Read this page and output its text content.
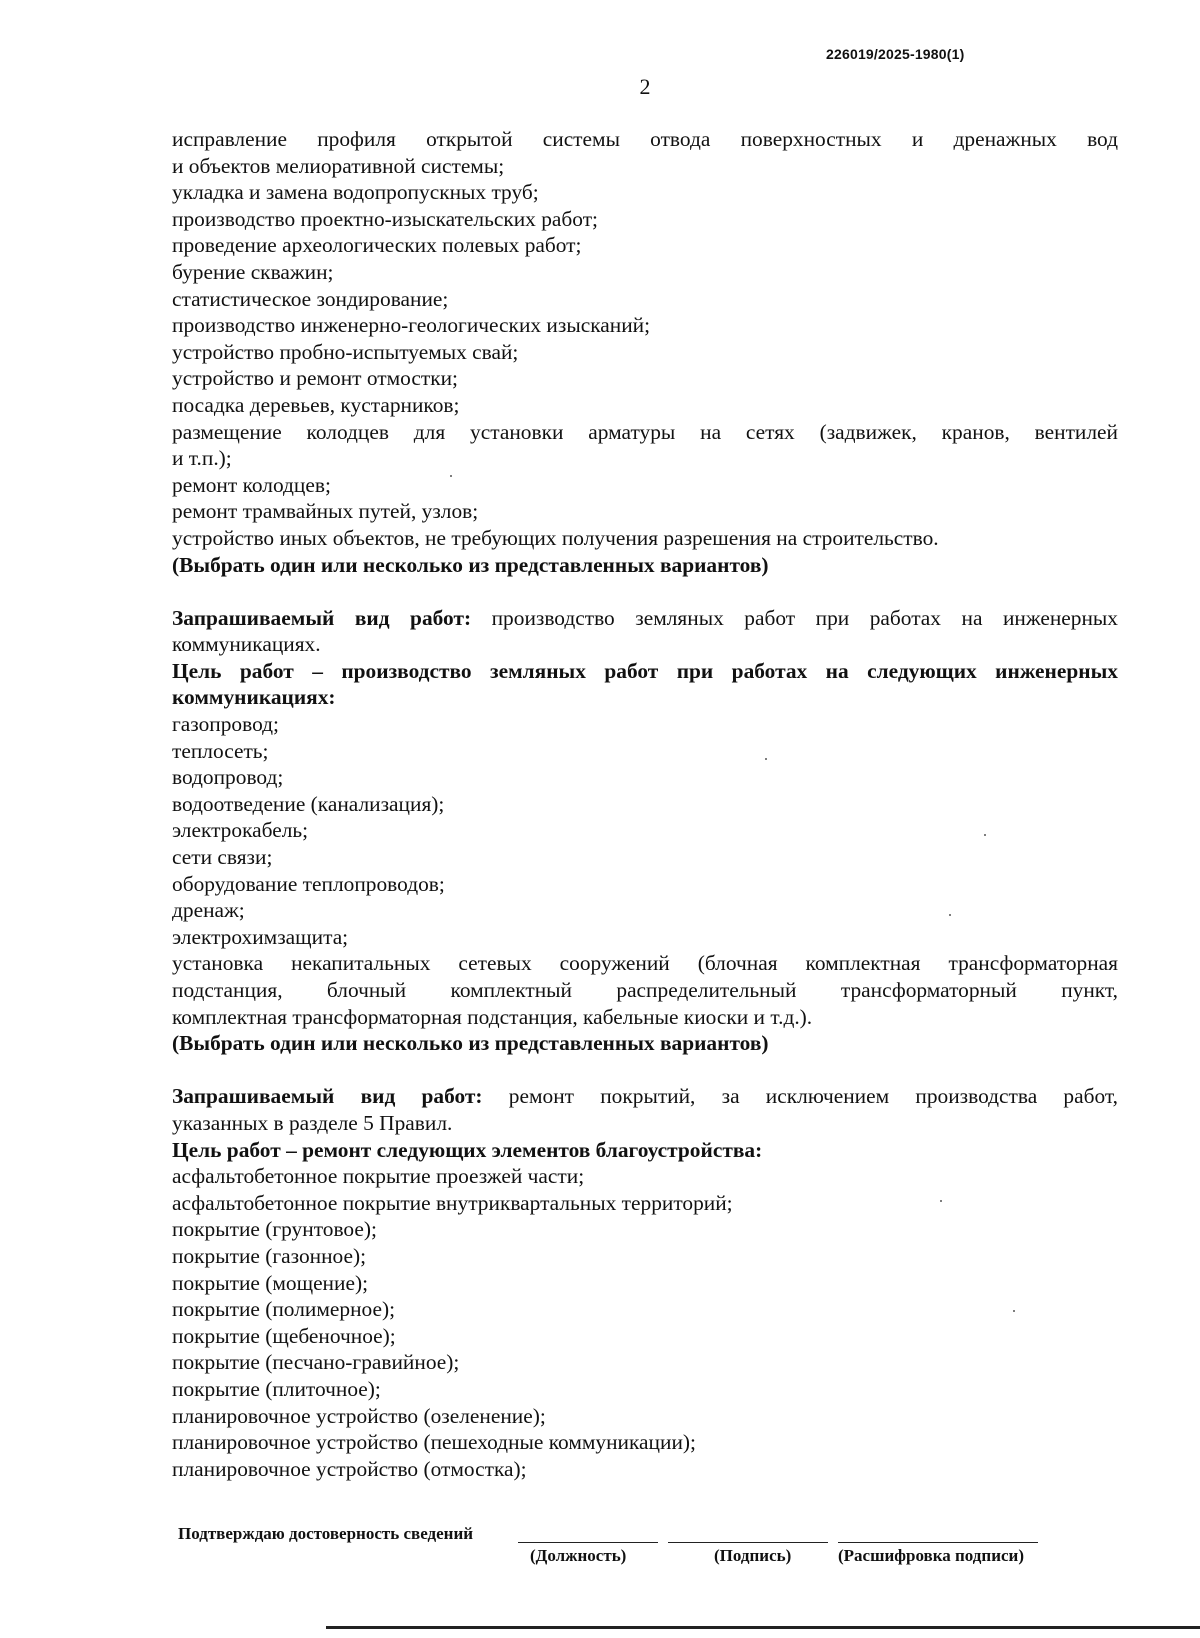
226019/2025-1980(1)
2
исправление профиля открытой системы отвода поверхностных и дренажных вод
и объектов мелиоративной системы;
укладка и замена водопропускных труб;
производство проектно-изыскательских работ;
проведение археологических полевых работ;
бурение скважин;
статистическое зондирование;
производство инженерно-геологических изысканий;
устройство пробно-испытуемых свай;
устройство и ремонт отмостки;
посадка деревьев, кустарников;
размещение колодцев для установки арматуры на сетях (задвижек, кранов, вентилей
и т.п.);
ремонт колодцев;
ремонт трамвайных путей, узлов;
устройство иных объектов, не требующих получения разрешения на строительство.
(Выбрать один или несколько из представленных вариантов)
Запрашиваемый вид работ: производство земляных работ при работах на инженерных
коммуникациях.
Цель работ – производство земляных работ при работах на следующих инженерных
коммуникациях:
газопровод;
теплосеть;
водопровод;
водоотведение (канализация);
электрокабель;
сети связи;
оборудование теплопроводов;
дренаж;
электрохимзащита;
установка некапитальных сетевых сооружений (блочная комплектная трансформаторная
подстанция, блочный комплектный распределительный трансформаторный пункт,
комплектная трансформаторная подстанция, кабельные киоски и т.д.).
(Выбрать один или несколько из представленных вариантов)
Запрашиваемый вид работ: ремонт покрытий, за исключением производства работ,
указанных в разделе 5 Правил.
Цель работ – ремонт следующих элементов благоустройства:
асфальтобетонное покрытие проезжей части;
асфальтобетонное покрытие внутриквартальных территорий;
покрытие (грунтовое);
покрытие (газонное);
покрытие (мощение);
покрытие (полимерное);
покрытие (щебеночное);
покрытие (песчано-гравийное);
покрытие (плиточное);
планировочное устройство (озеленение);
планировочное устройство (пешеходные коммуникации);
планировочное устройство (отмостка);
Подтверждаю достоверность сведений
(Должность)	(Подпись)	(Расшифровка подписи)
